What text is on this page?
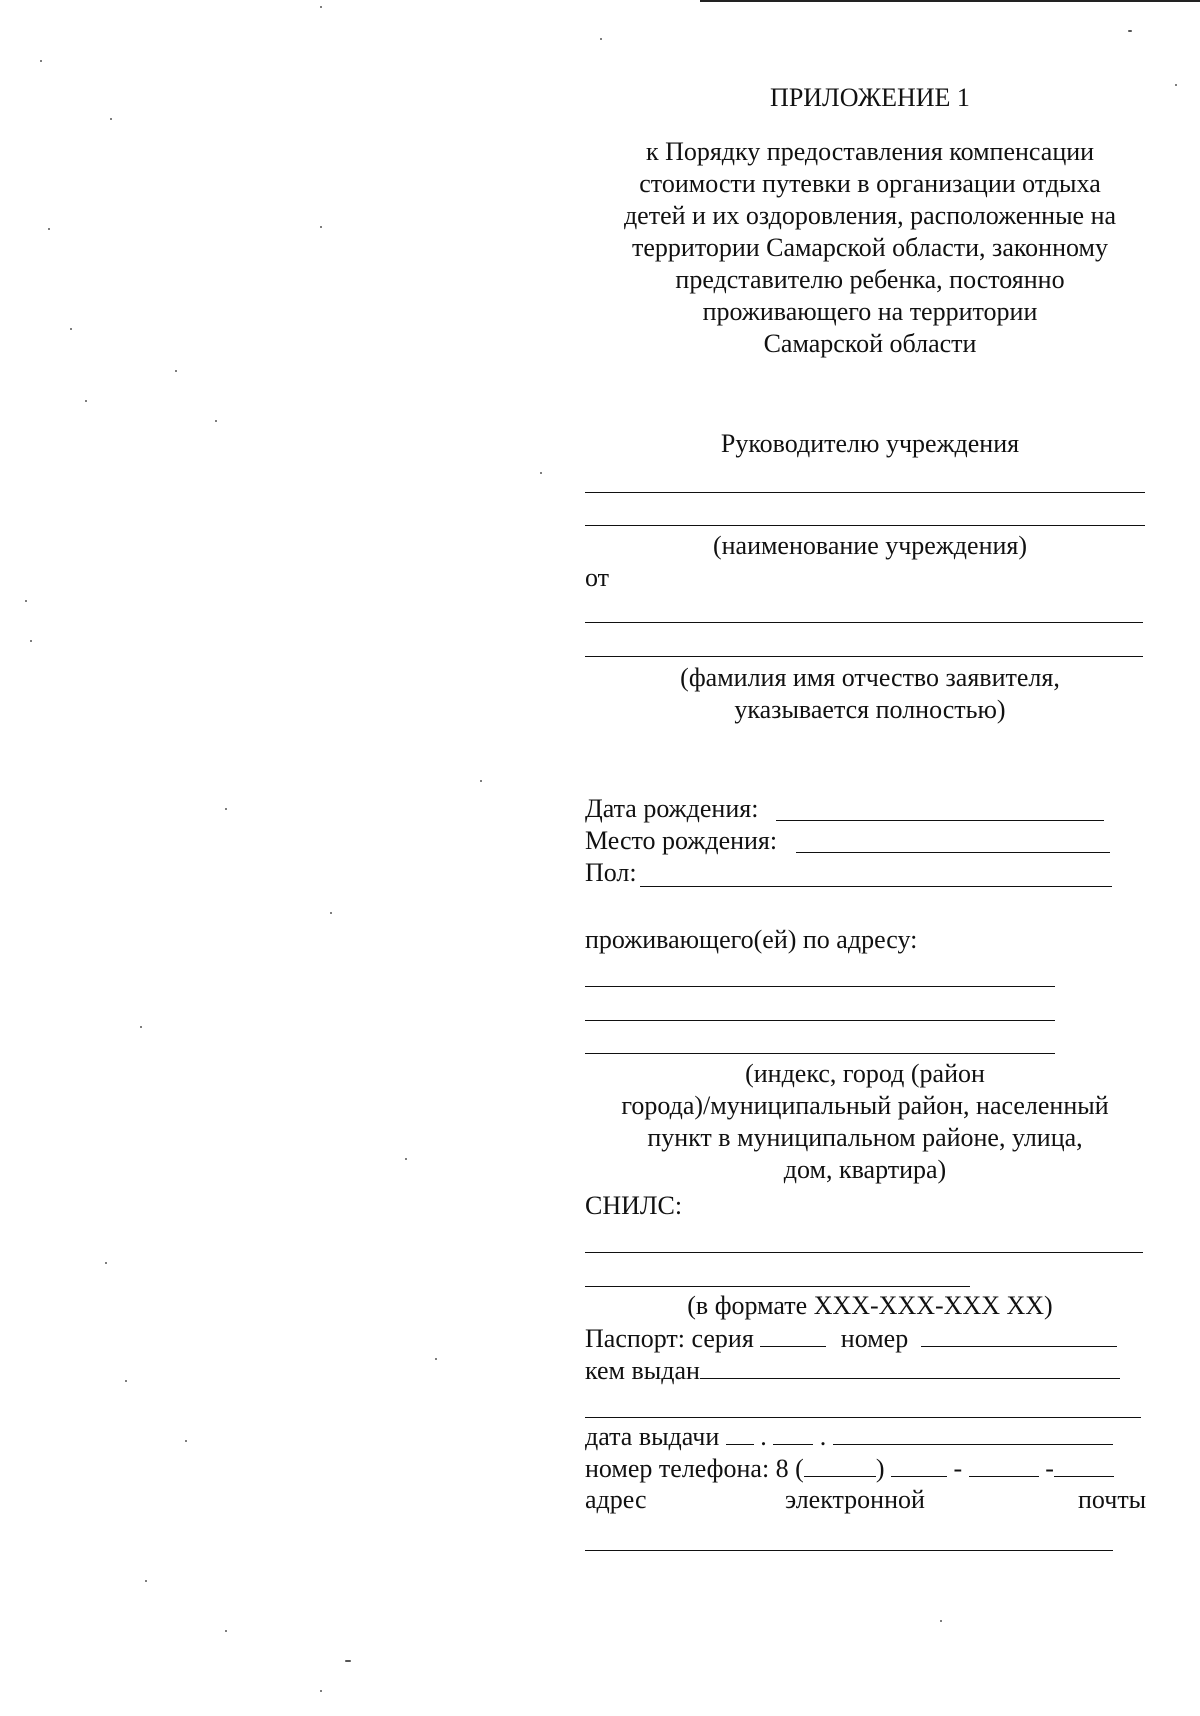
ПРИЛОЖЕНИЕ 1
к Порядку предоставления компенсации
стоимости путевки в организации отдыха
детей и их оздоровления, расположенные на
территории Самарской области, законному
представителю ребенка, постоянно
проживающего на территории
Самарской области
Руководителю учреждения
(наименование учреждения)
от
(фамилия имя отчество заявителя,
указывается полностью)
Дата рождения:
Место рождения:
Пол:
проживающего(ей) по адресу:
(индекс, город (район
города)/муниципальный район, населенный
пункт в муниципальном районе, улица,
дом, квартира)
СНИЛС:
(в формате XXX-XXX-XXX XX)
Паспорт: серия	номер
кем выдан
дата выдачи . .
номер телефона: 8 (	)	-	-
адрес	электронной	почты
